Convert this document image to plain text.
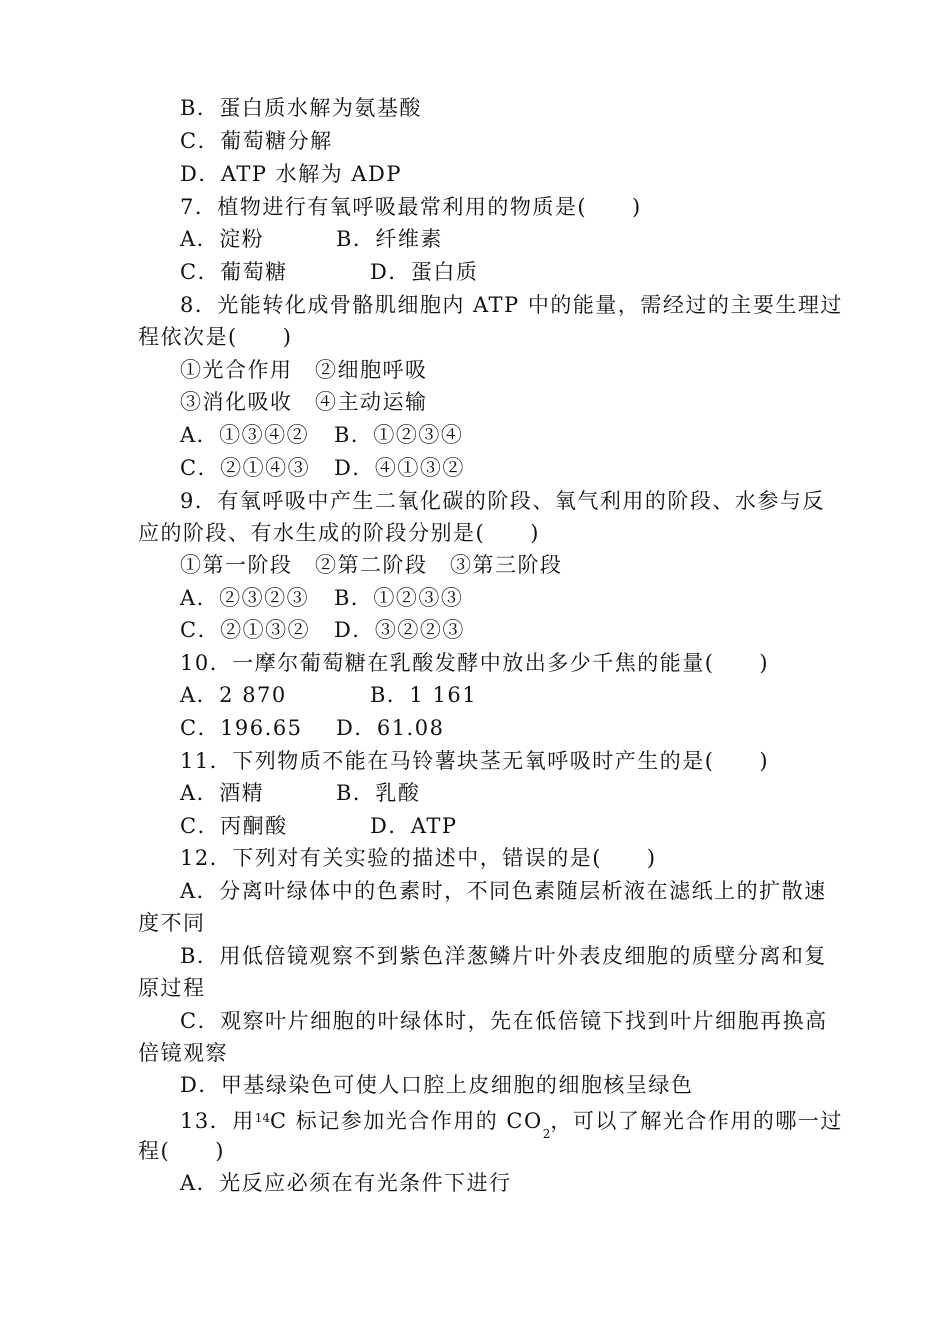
B．蛋白质水解为氨基酸
C．葡萄糖分解
D．ATP 水解为 ADP
7．植物进行有氧呼吸最常利用的物质是(　　)
A．淀粉	B．纤维素
C．葡萄糖	D．蛋白质
8．光能转化成骨骼肌细胞内 ATP 中的能量，需经过的主要生理过
程依次是(　　)
①光合作用　②细胞呼吸
③消化吸收　④主动运输
A．①③④② B．①②③④
C．②①④③ D．④①③②
9．有氧呼吸中产生二氧化碳的阶段、氧气利用的阶段、水参与反
应的阶段、有水生成的阶段分别是(　　)
①第一阶段　②第二阶段　③第三阶段
A．②③②③ B．①②③③
C．②①③② D．③②②③
10．一摩尔葡萄糖在乳酸发酵中放出多少千焦的能量(　　)
A．2 870	B．1 161
C．196.65 D．61.08
11．下列物质不能在马铃薯块茎无氧呼吸时产生的是(　　)
A．酒精	B．乳酸
C．丙酮酸	D．ATP
12．下列对有关实验的描述中，错误的是(　　)
A．分离叶绿体中的色素时，不同色素随层析液在滤纸上的扩散速
度不同
B．用低倍镜观察不到紫色洋葱鳞片叶外表皮细胞的质壁分离和复
原过程
C．观察叶片细胞的叶绿体时，先在低倍镜下找到叶片细胞再换高
倍镜观察
D．甲基绿染色可使人口腔上皮细胞的细胞核呈绿色
13．用$^{14}$C 标记参加光合作用的 $CO_2$，可以了解光合作用的哪一过
程(　　)
A．光反应必须在有光条件下进行
